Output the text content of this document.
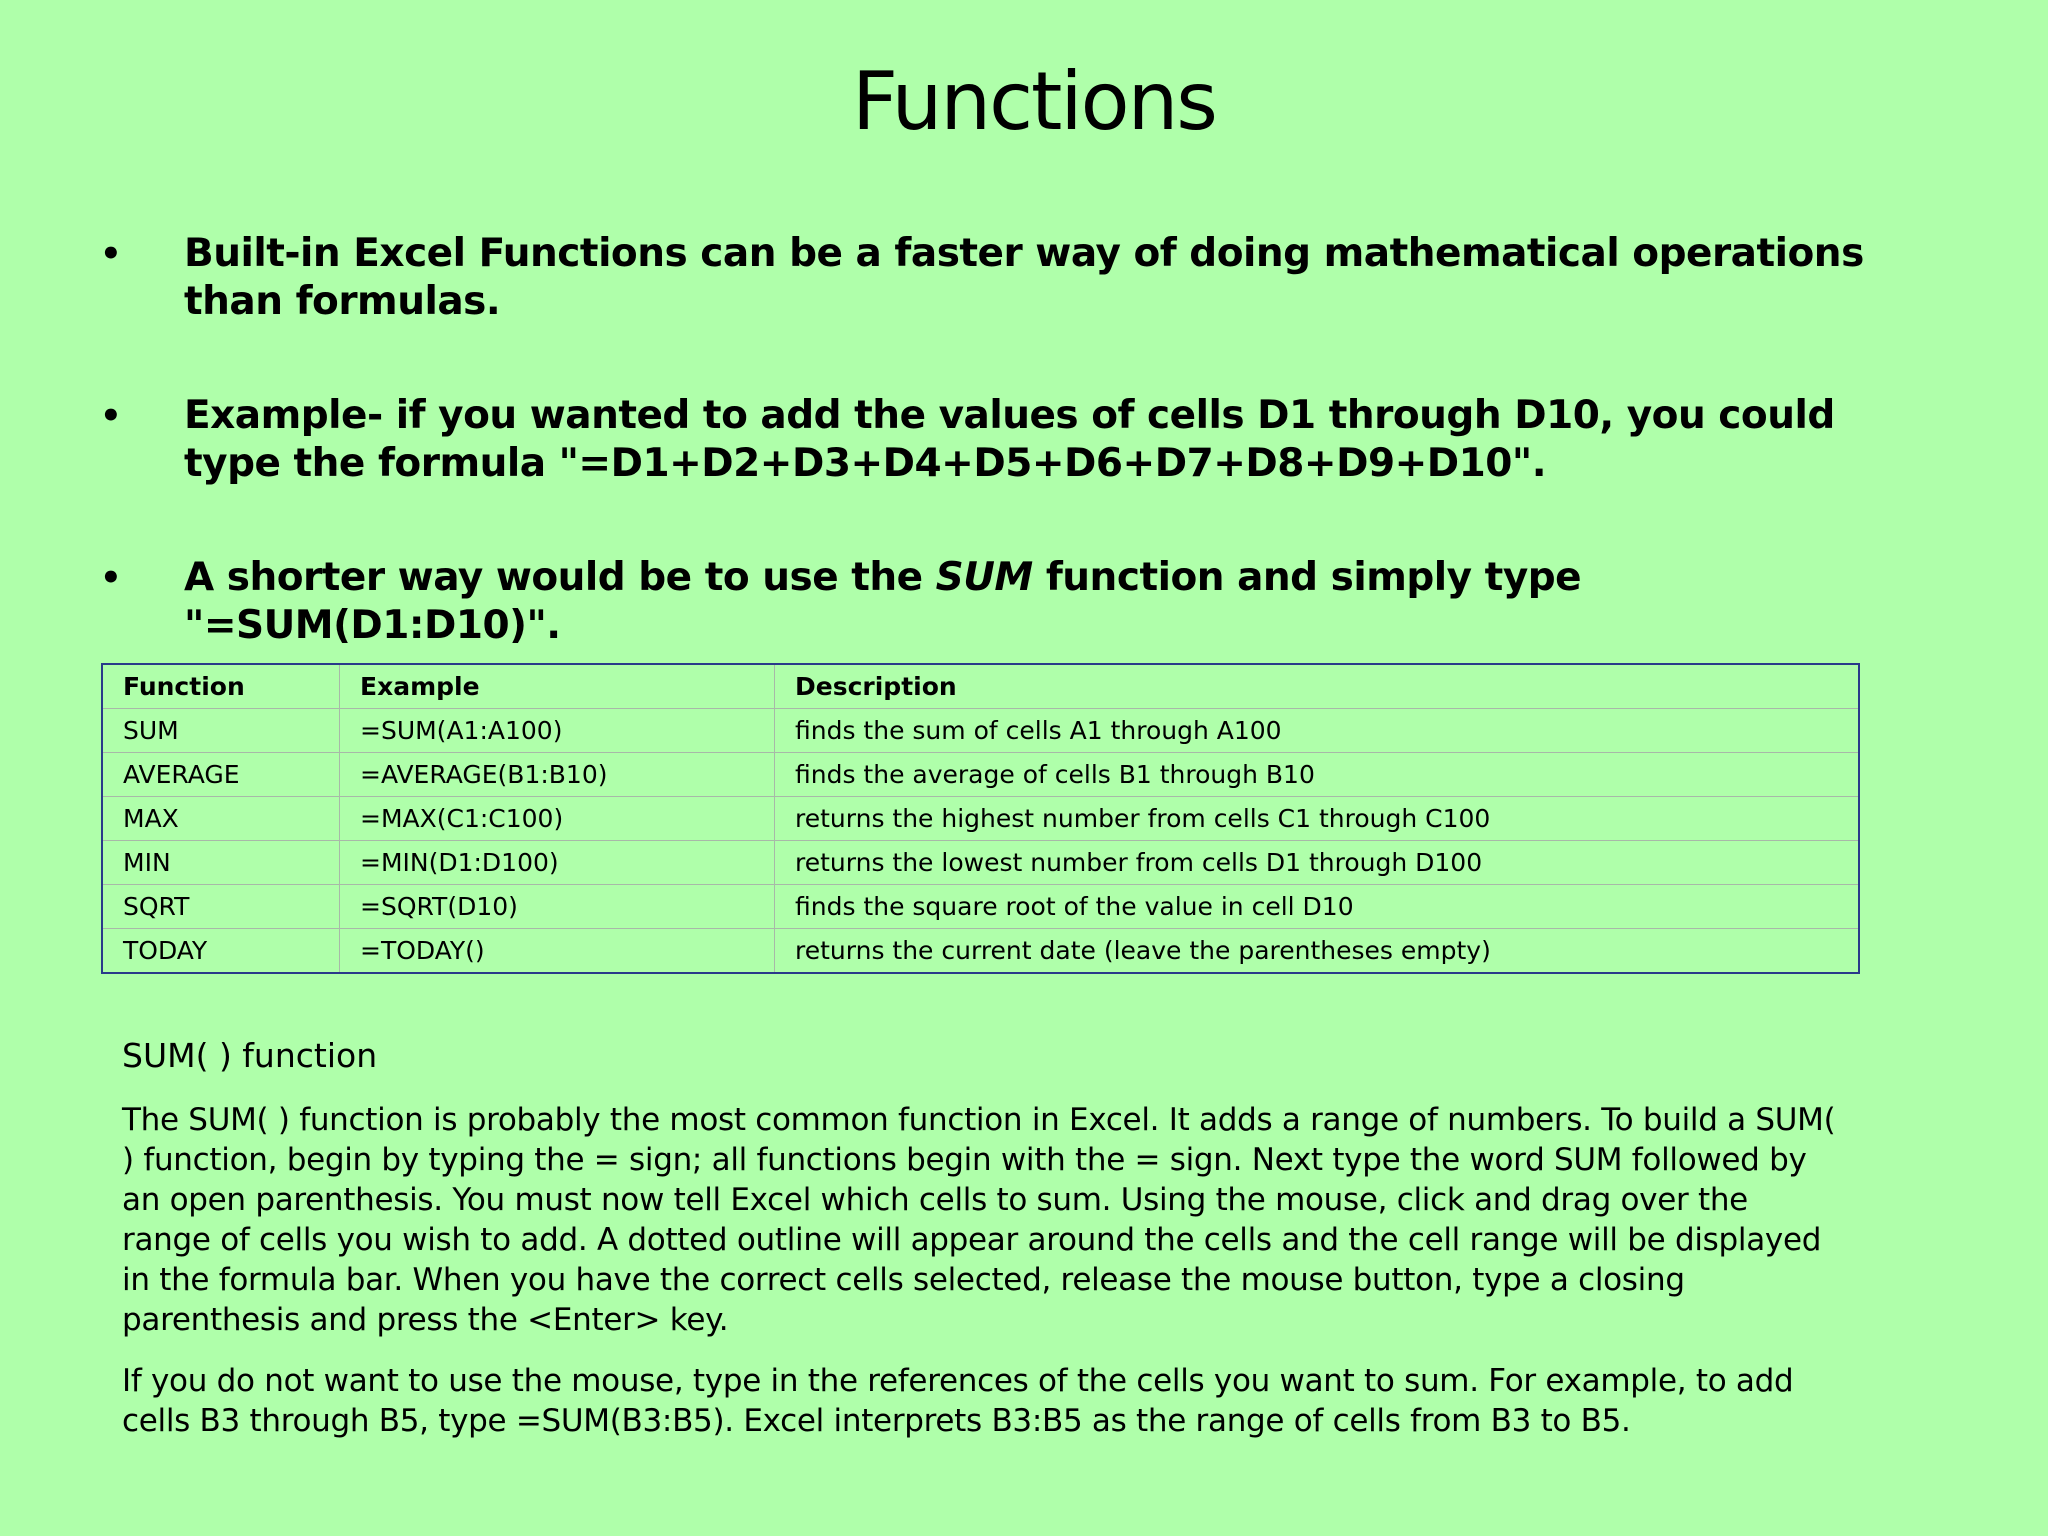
Functions
• Built-in Excel Functions can be a faster way of doing mathematical operations than formulas.
• Example- if you wanted to add the values of cells D1 through D10, you could type the formula "=D1+D2+D3+D4+D5+D6+D7+D8+D9+D10".
• A shorter way would be to use the SUM function and simply type "=SUM(D1:D10)".
Function	Example	Description
SUM	=SUM(A1:A100)	finds the sum of cells A1 through A100
AVERAGE	=AVERAGE(B1:B10)	finds the average of cells B1 through B10
MAX	=MAX(C1:C100)	returns the highest number from cells C1 through C100
MIN	=MIN(D1:D100)	returns the lowest number from cells D1 through D100
SQRT	=SQRT(D10)	finds the square root of the value in cell D10
TODAY	=TODAY()	returns the current date (leave the parentheses empty)
SUM( ) function

The SUM( ) function is probably the most common function in Excel. It adds a range of numbers. To build a SUM( ) function, begin by typing the = sign; all functions begin with the = sign. Next type the word SUM followed by an open parenthesis. You must now tell Excel which cells to sum. Using the mouse, click and drag over the range of cells you wish to add. A dotted outline will appear around the cells and the cell range will be displayed in the formula bar. When you have the correct cells selected, release the mouse button, type a closing parenthesis and press the <Enter> key.

If you do not want to use the mouse, type in the references of the cells you want to sum. For example, to add cells B3 through B5, type =SUM(B3:B5). Excel interprets B3:B5 as the range of cells from B3 to B5.
